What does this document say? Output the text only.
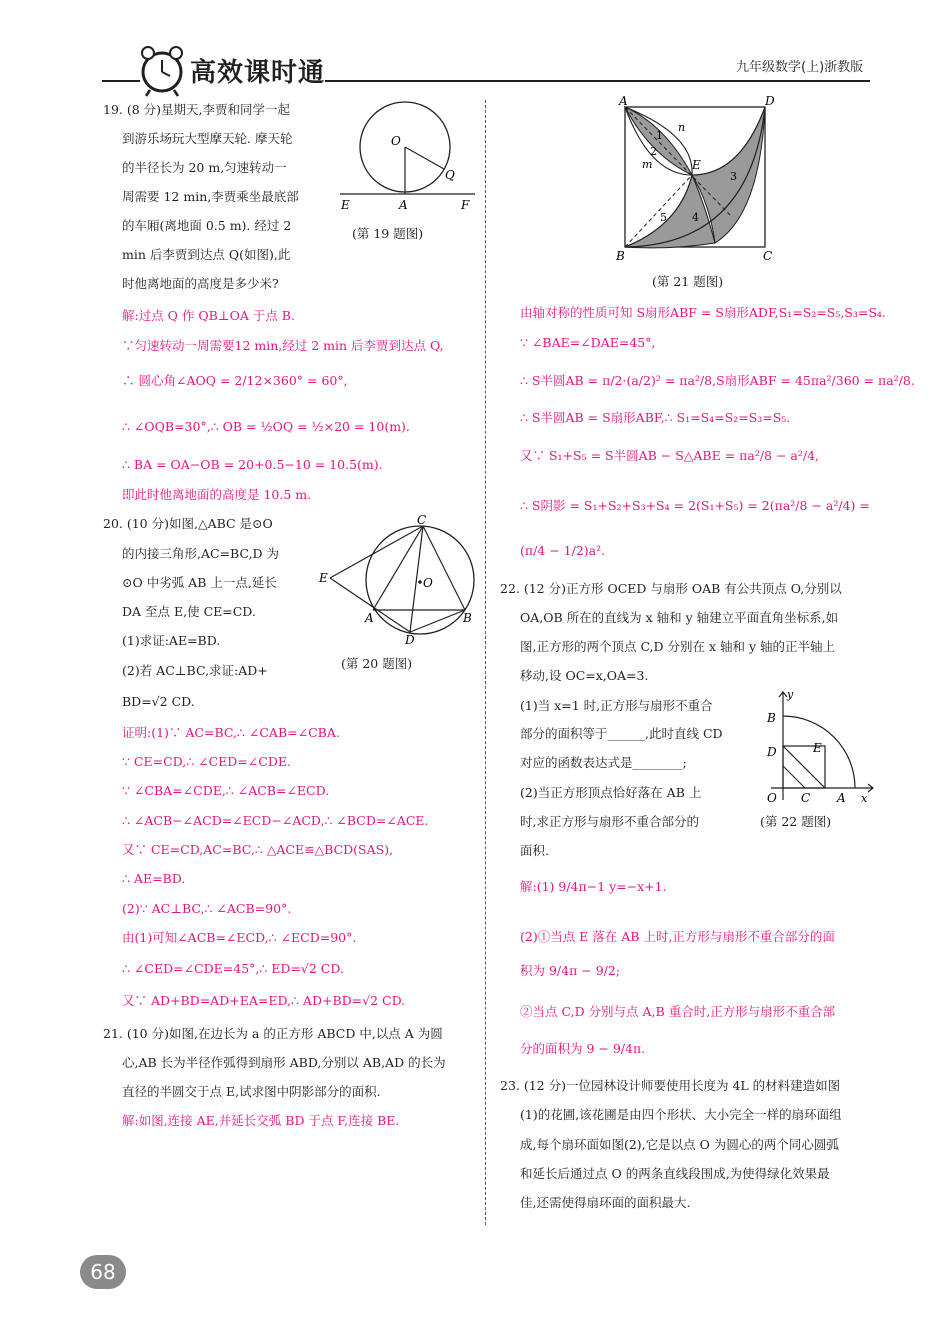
高效课时通	九年级数学(上)浙教版
19. (8 分)星期天,李贾和同学一起
到游乐场玩大型摩天轮. 摩天轮
的半径长为 20 m,匀速转动一
周需要 12 min,李贾乘坐最底部
的车厢(离地面 0.5 m). 经过 2
min 后李贾到达点 Q(如图),此
时他离地面的高度是多少米?
O
Q
E	A	F
(第 19 题图)
解:过点 Q 作 QB⊥OA 于点 B.
∵匀速转动一周需要12 min,经过 2 min 后李贾到达点 Q,
∴ 圆心角∠AOQ = 2/12×360° = 60°,
∴ ∠OQB=30°,∴ OB = ½OQ = ½×20 = 10(m).
∴ BA = OA−OB = 20+0.5−10 = 10.5(m).
即此时他离地面的高度是 10.5 m.
20. (10 分)如图,△ABC 是⊙O
的内接三角形,AC=BC,D 为
⊙O 中劣弧 AB 上一点,延长
DA 至点 E,使 CE=CD.
(1)求证:AE=BD.
(2)若 AC⊥BC,求证:AD+
BD=√2 CD.
C
E	O
A	B
D
(第 20 题图)
证明:(1)∵ AC=BC,∴ ∠CAB=∠CBA.
∵ CE=CD,∴ ∠CED=∠CDE.
∵ ∠CBA=∠CDE,∴ ∠ACB=∠ECD.
∴ ∠ACB−∠ACD=∠ECD−∠ACD,∴ ∠BCD=∠ACE.
又∵ CE=CD,AC=BC,∴ △ACE≌△BCD(SAS),
∴ AE=BD.
(2)∵ AC⊥BC,∴ ∠ACB=90°.
由(1)可知∠ACB=∠ECD,∴ ∠ECD=90°.
∴ ∠CED=∠CDE=45°,∴ ED=√2 CD.
又∵ AD+BD=AD+EA=ED,∴ AD+BD=√2 CD.
21. (10 分)如图,在边长为 a 的正方形 ABCD 中,以点 A 为圆
心,AB 长为半径作弧得到扇形 ABD,分别以 AB,AD 的长为
直径的半圆交于点 E,试求图中阴影部分的面积.
解:如图,连接 AE,并延长交弧 BD 于点 F,连接 BE.
A	D
B	C
E
n
m
1
2
3
4
5
(第 21 题图)
由轴对称的性质可知 S扇形ABF = S扇形ADF,S₁=S₂=S₅,S₃=S₄.
∵ ∠BAE=∠DAE=45°,
∴ S半圆AB = π/2·(a/2)² = πa²/8,S扇形ABF = 45πa²/360 = πa²/8.
∴ S半圆AB = S扇形ABF,∴ S₁=S₄=S₂=S₃=S₅.
又∵ S₁+S₅ = S半圆AB − S△ABE = πa²/8 − a²/4,
∴ S阴影 = S₁+S₂+S₃+S₄ = 2(S₁+S₅) = 2(πa²/8 − a²/4) =
(π/4 − 1/2)a².
22. (12 分)正方形 OCED 与扇形 OAB 有公共顶点 O,分别以
OA,OB 所在的直线为 x 轴和 y 轴建立平面直角坐标系,如
图,正方形的两个顶点 C,D 分别在 x 轴和 y 轴的正半轴上
移动,设 OC=x,OA=3.
(1)当 x=1 时,正方形与扇形不重合
部分的面积等于______,此时直线 CD
对应的函数表达式是________;
(2)当正方形顶点恰好落在 AB 上
时,求正方形与扇形不重合部分的
面积.
y
x
B
D	E
O C A
(第 22 题图)
解:(1) 9/4π−1 y=−x+1.
(2)①当点 E 落在 AB 上时,正方形与扇形不重合部分的面
积为 9/4π − 9/2;
②当点 C,D 分别与点 A,B 重合时,正方形与扇形不重合部
分的面积为 9 − 9/4π.
23. (12 分)一位园林设计师要使用长度为 4L 的材料建造如图
(1)的花圃,该花圃是由四个形状、大小完全一样的扇环面组
成,每个扇环面如图(2),它是以点 O 为圆心的两个同心圆弧
和延长后通过点 O 的两条直线段围成,为使得绿化效果最
佳,还需使得扇环面的面积最大.
68
